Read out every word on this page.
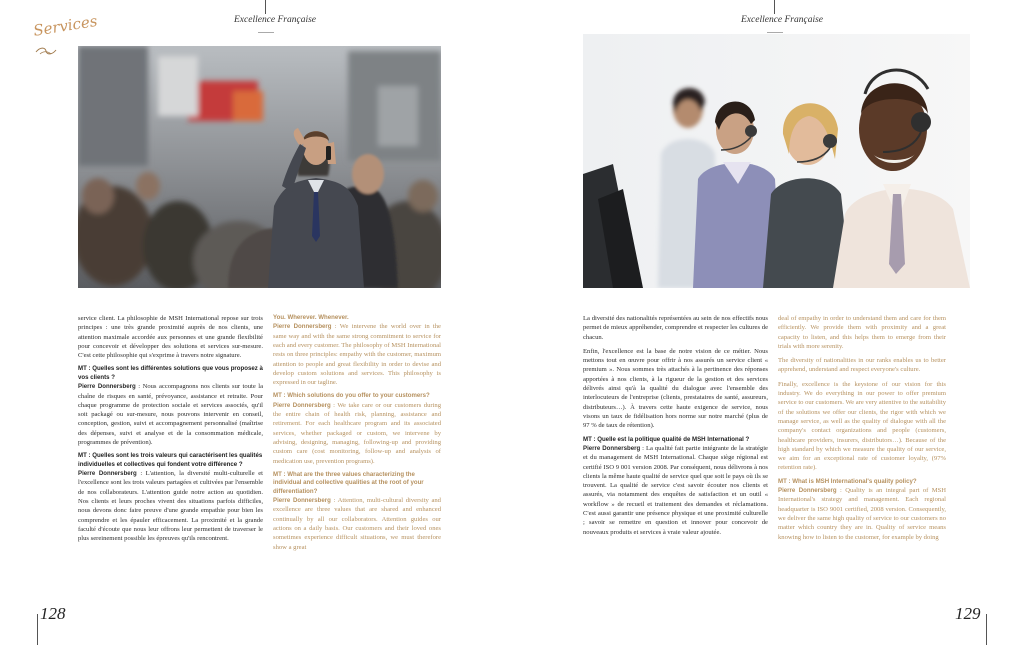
Excellence Française
Services

service client. La philosophie de MSH International repose sur trois principes : une très grande proximité auprès de nos clients, une attention maximale accordée aux personnes et une grande flexibilité pour concevoir et développer des solutions et services sur-mesure. C'est cette philosophie qui s'exprime à travers notre signature.

MT : Quelles sont les différentes solutions que vous proposez à vos clients ?
Pierre Donnersberg : Nous accompagnons nos clients sur toute la chaîne de risques en santé, prévoyance, assistance et retraite. Pour chaque programme de protection sociale et services associés, qu'il soit packagé ou sur-mesure, nous pouvons intervenir en conseil, conception, gestion, suivi et accompagnement personnalisé (maîtrise des dépenses, suivi et analyse et de la consommation médicale, programmes de prévention).

MT : Quelles sont les trois valeurs qui caractérisent les qualités individuelles et collectives qui fondent votre différence ?
Pierre Donnersberg : L'attention, la diversité multi-culturelle et l'excellence sont les trois valeurs partagées et cultivées par l'ensemble de nos collaborateurs. L'attention guide notre action au quotidien. Nos clients et leurs proches vivent des situations parfois difficiles, nous devons donc faire preuve d'une grande empathie pour bien les comprendre et les épauler efficacement. La proximité et la grande faculté d'écoute que nous leur offrons leur permettent de traverser le plus sereinement possible les épreuves qu'ils rencontrent.

You. Wherever. Whenever.
Pierre Donnersberg : We intervene the world over in the same way and with the same strong commitment to service for each and every customer. The philosophy of MSH International rests on three principles: empathy with the customer, maximum attention to people and great flexibility in order to devise and develop custom solutions and services. This philosophy is expressed in our tagline.

MT : Which solutions do you offer to your customers?
Pierre Donnersberg : We take care or our customers during the entire chain of health risk, planning, assistance and retirement. For each healthcare program and its associated services, whether packaged or custom, we intervene by advising, designing, managing, following-up and providing custom care (cost monitoring, follow-up and analysis of medication use, prevention programs).

MT : What are the three values characterizing the individual and collective qualities at the root of your differentiation?
Pierre Donnersberg : Attention, multi-cultural diversity and excellence are three values that are shared and enhanced continually by all our collaborators. Attention guides our actions on a daily basis. Our customers and their loved ones sometimes experience difficult situations, we must therefore show a great

128
Excellence Française

La diversité des nationalités représentées au sein de nos effectifs nous permet de mieux appréhender, comprendre et respecter les cultures de chacun.

Enfin, l'excellence est la base de notre vision de ce métier. Nous mettons tout en œuvre pour offrir à nos assurés un service client « premium ». Nous sommes très attachés à la pertinence des réponses apportées à nos clients, à la rigueur de la gestion et des services délivrés ainsi qu'à la qualité du dialogue avec l'ensemble des interlocuteurs de l'entreprise (clients, prestataires de santé, assureurs, distributeurs…). À travers cette haute exigence de service, nous visons un taux de fidélisation hors norme sur notre marché (plus de 97 % de taux de rétention).

MT : Quelle est la politique qualité de MSH International ?
Pierre Donnersberg : La qualité fait partie intégrante de la stratégie et du management de MSH International. Chaque siège régional est certifié ISO 9 001 version 2008. Par conséquent, nous délivrons à nos clients la même haute qualité de service quel que soit le pays où ils se trouvent. La qualité de service c'est savoir écouter nos clients et assurés, via notamment des enquêtes de satisfaction et un outil « workflow » de recueil et traitement des demandes et réclamations. C'est aussi garantir une présence physique et une proximité culturelle ; savoir se remettre en question et innover pour concevoir de nouveaux produits et services à vraie valeur ajoutée.

deal of empathy in order to understand them and care for them efficiently. We provide them with proximity and a great capacity to listen, and this helps them to emerge from their trials with more serenity.

The diversity of nationalities in our ranks enables us to better apprehend, understand and respect everyone's culture.

Finally, excellence is the keystone of our vision for this industry. We do everything in our power to offer premium service to our customers. We are very attentive to the suitability of the solutions we offer our clients, the rigor with which we manage service, as well as the quality of dialogue with all the company's contact organizations and people (customers, healthcare providers, insurers, distributors…). Because of the high standard by which we measure the quality of our service, we aim for an exceptional rate of customer loyalty, (97% retention rate).

MT : What is MSH International's quality policy?
Pierre Donnersberg : Quality is an integral part of MSH International's strategy and management. Each regional headquarter is ISO 9001 certified, 2008 version. Consequently, we deliver the same high quality of service to our customers no matter which country they are in. Quality of service means knowing how to listen to the customer, for example by doing

129
